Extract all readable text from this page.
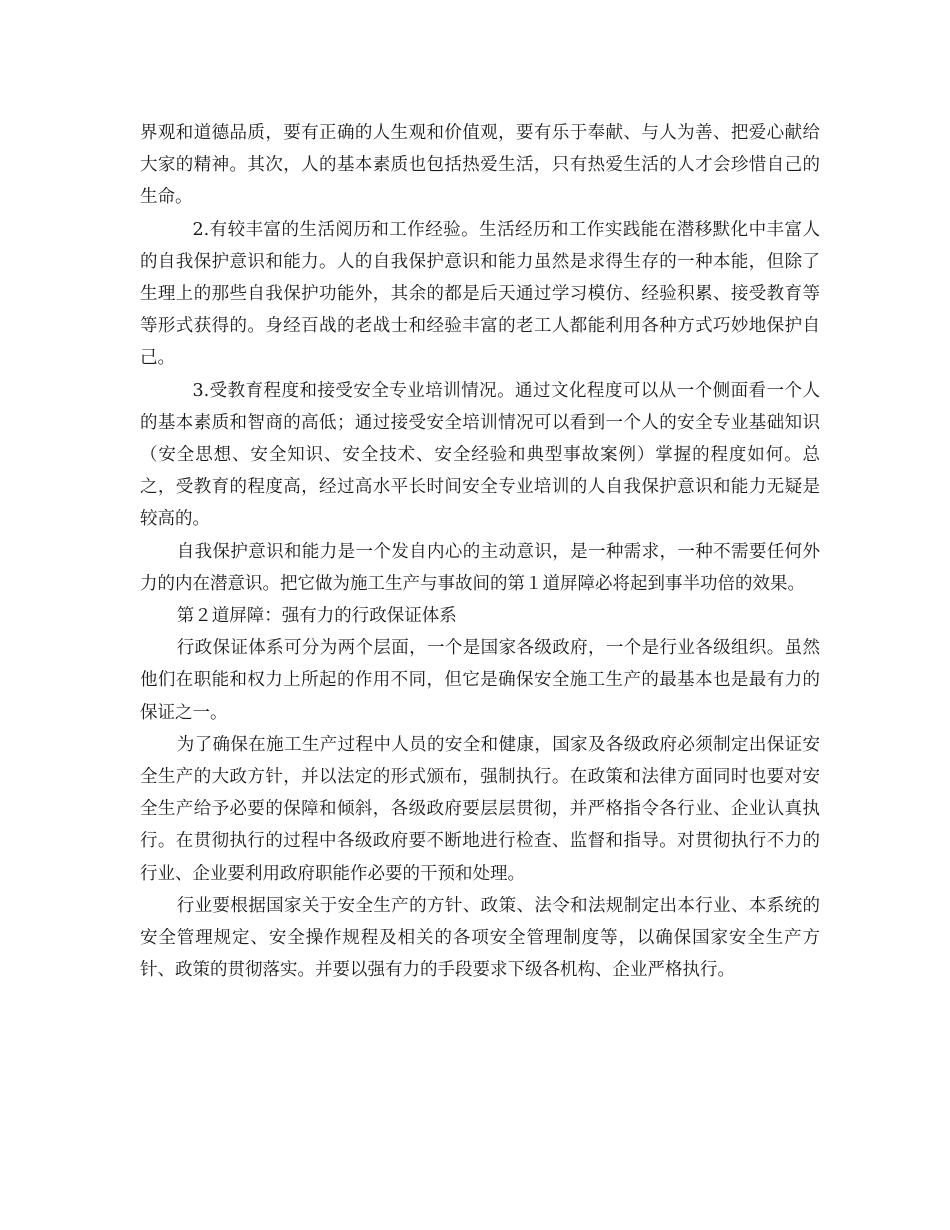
界观和道德品质，要有正确的人生观和价值观，要有乐于奉献、与人为善、把爱心献给大家的精神。其次，人的基本素质也包括热爱生活，只有热爱生活的人才会珍惜自己的生命。

2.有较丰富的生活阅历和工作经验。生活经历和工作实践能在潜移默化中丰富人的自我保护意识和能力。人的自我保护意识和能力虽然是求得生存的一种本能，但除了生理上的那些自我保护功能外，其余的都是后天通过学习模仿、经验积累、接受教育等等形式获得的。身经百战的老战士和经验丰富的老工人都能利用各种方式巧妙地保护自己。

3.受教育程度和接受安全专业培训情况。通过文化程度可以从一个侧面看一个人的基本素质和智商的高低；通过接受安全培训情况可以看到一个人的安全专业基础知识（安全思想、安全知识、安全技术、安全经验和典型事故案例）掌握的程度如何。总之，受教育的程度高，经过高水平长时间安全专业培训的人自我保护意识和能力无疑是较高的。

自我保护意识和能力是一个发自内心的主动意识，是一种需求，一种不需要任何外力的内在潜意识。把它做为施工生产与事故间的第１道屏障必将起到事半功倍的效果。

第２道屏障：强有力的行政保证体系

行政保证体系可分为两个层面，一个是国家各级政府，一个是行业各级组织。虽然他们在职能和权力上所起的作用不同，但它是确保安全施工生产的最基本也是最有力的保证之一。

为了确保在施工生产过程中人员的安全和健康，国家及各级政府必须制定出保证安全生产的大政方针，并以法定的形式颁布，强制执行。在政策和法律方面同时也要对安全生产给予必要的保障和倾斜，各级政府要层层贯彻，并严格指令各行业、企业认真执行。在贯彻执行的过程中各级政府要不断地进行检查、监督和指导。对贯彻执行不力的行业、企业要利用政府职能作必要的干预和处理。

行业要根据国家关于安全生产的方针、政策、法令和法规制定出本行业、本系统的安全管理规定、安全操作规程及相关的各项安全管理制度等，以确保国家安全生产方针、政策的贯彻落实。并要以强有力的手段要求下级各机构、企业严格执行。
